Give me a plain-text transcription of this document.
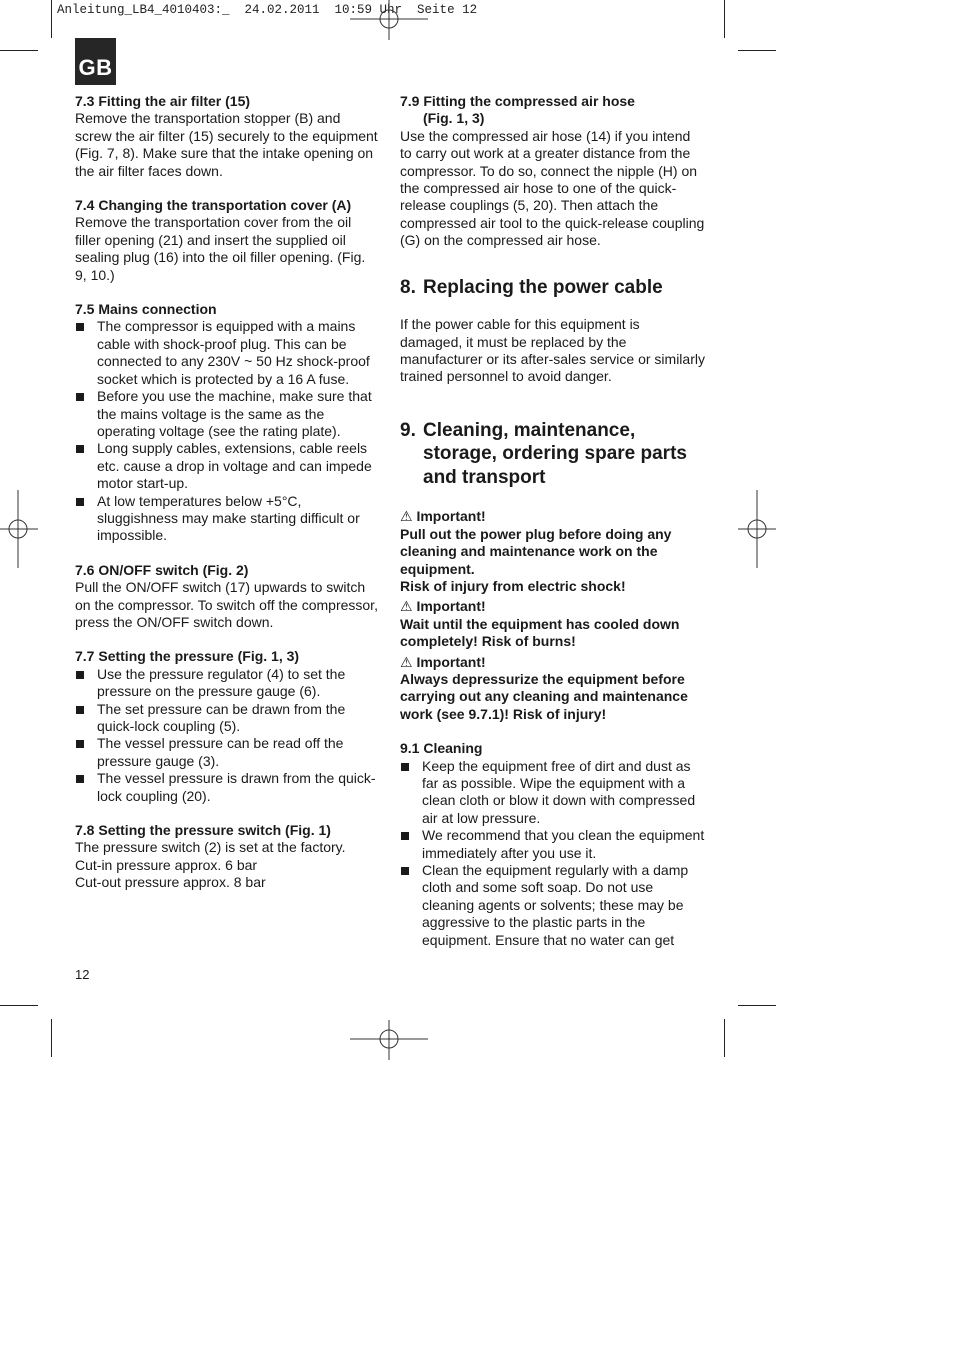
Anleitung_LB4_4010403:_  24.02.2011  10:59 Uhr  Seite 12
GB
7.3 Fitting the air filter (15)

Remove the transportation stopper (B) and screw the air filter (15) securely to the equipment (Fig. 7, 8). Make sure that the intake opening on the air filter faces down.

7.4 Changing the transportation cover (A)

Remove the transportation cover from the oil filler opening (21) and insert the supplied oil sealing plug (16) into the oil filler opening. (Fig. 9, 10.)

7.5 Mains connection
The compressor is equipped with a mains cable with shock-proof plug. This can be connected to any 230V ~ 50 Hz shock-proof socket which is protected by a 16 A fuse.
Before you use the machine, make sure that the mains voltage is the same as the operating voltage (see the rating plate).
Long supply cables, extensions, cable reels etc. cause a drop in voltage and can impede motor start-up.
At low temperatures below +5°C, sluggishness may make starting difficult or impossible.
7.6 ON/OFF switch (Fig. 2)

Pull the ON/OFF switch (17) upwards to switch on the compressor. To switch off the compressor, press the ON/OFF switch down.

7.7 Setting the pressure (Fig. 1, 3)
Use the pressure regulator (4) to set the pressure on the pressure gauge (6).
The set pressure can be drawn from the quick-lock coupling (5).
The vessel pressure can be read off the pressure gauge (3).
The vessel pressure is drawn from the quick-lock coupling (20).
7.8 Setting the pressure switch (Fig. 1)

The pressure switch (2) is set at the factory.

Cut-in pressure approx. 6 bar

Cut-out pressure approx. 8 bar

7.9 Fitting the compressed air hose
(Fig. 1, 3)

Use the compressed air hose (14) if you intend to carry out work at a greater distance from the compressor. To do so, connect the nipple (H) on the compressed air hose to one of the quick-release couplings (5, 20). Then attach the compressed air tool to the quick-release coupling (G) on the compressed air hose.

8. Replacing the power cable

If the power cable for this equipment is damaged, it must be replaced by the manufacturer or its after-sales service or similarly trained personnel to avoid danger.

9. Cleaning, maintenance, storage, ordering spare parts and transport
⚠ Important!
Pull out the power plug before doing any cleaning and maintenance work on the equipment.
Risk of injury from electric shock!
⚠ Important!
Wait until the equipment has cooled down completely! Risk of burns!
⚠ Important!
Always depressurize the equipment before carrying out any cleaning and maintenance work (see 9.7.1)! Risk of injury!
9.1 Cleaning
Keep the equipment free of dirt and dust as far as possible. Wipe the equipment with a clean cloth or blow it down with compressed air at low pressure.
We recommend that you clean the equipment immediately after you use it.
Clean the equipment regularly with a damp cloth and some soft soap. Do not use cleaning agents or solvents; these may be aggressive to the plastic parts in the equipment. Ensure that no water can get
12
